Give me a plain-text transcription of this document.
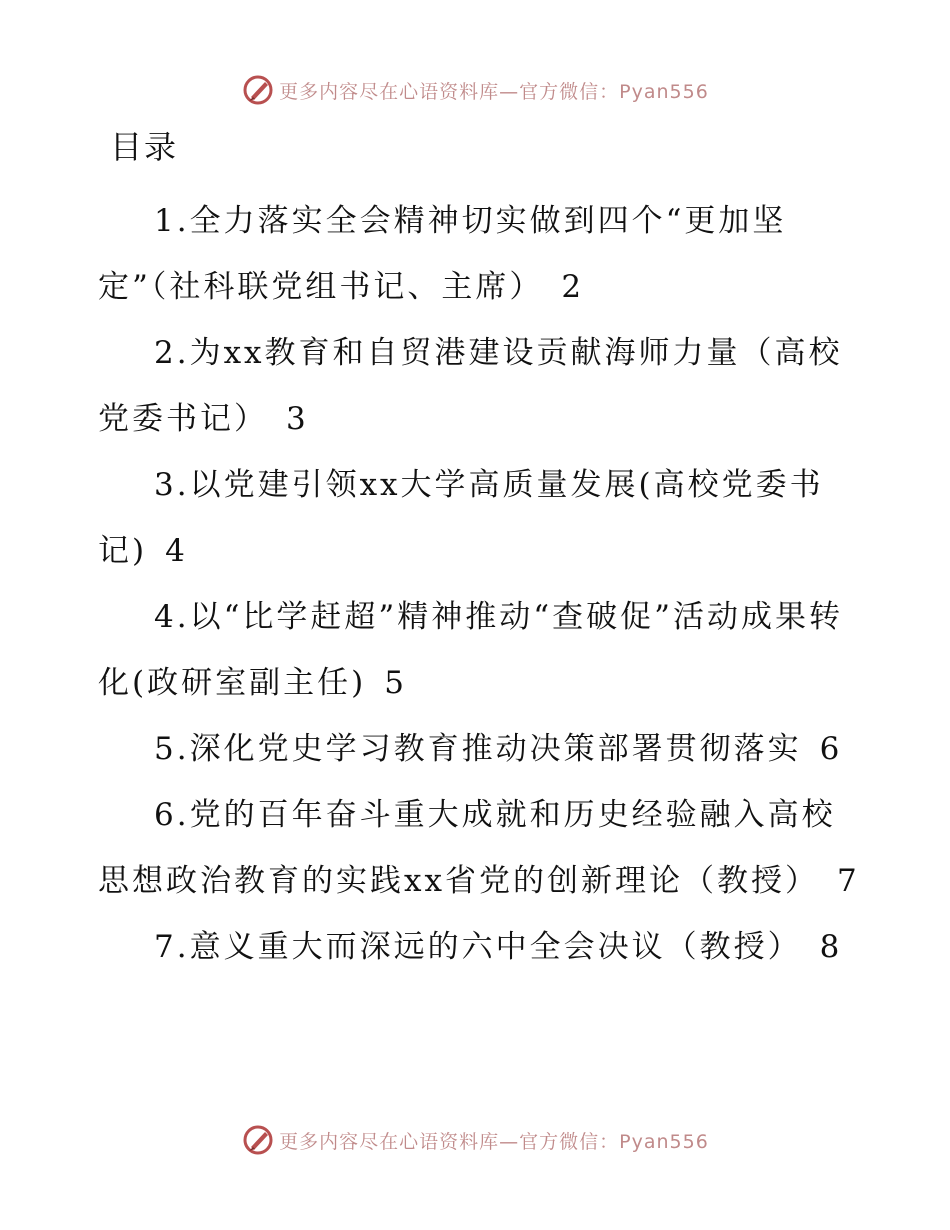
更多内容尽在心语资料库—官方微信：Pyan556
目录
1.全力落实全会精神切实做到四个“更加坚定”（社科联党组书记、主席） 2
2.为xx教育和自贸港建设贡献海师力量（高校党委书记） 3
3.以党建引领xx大学高质量发展(高校党委书记) 4
4.以“比学赶超”精神推动“查破促”活动成果转化(政研室副主任) 5
5.深化党史学习教育推动决策部署贯彻落实 6
6.党的百年奋斗重大成就和历史经验融入高校思想政治教育的实践xx省党的创新理论（教授） 7
7.意义重大而深远的六中全会决议（教授） 8
更多内容尽在心语资料库—官方微信：Pyan556
